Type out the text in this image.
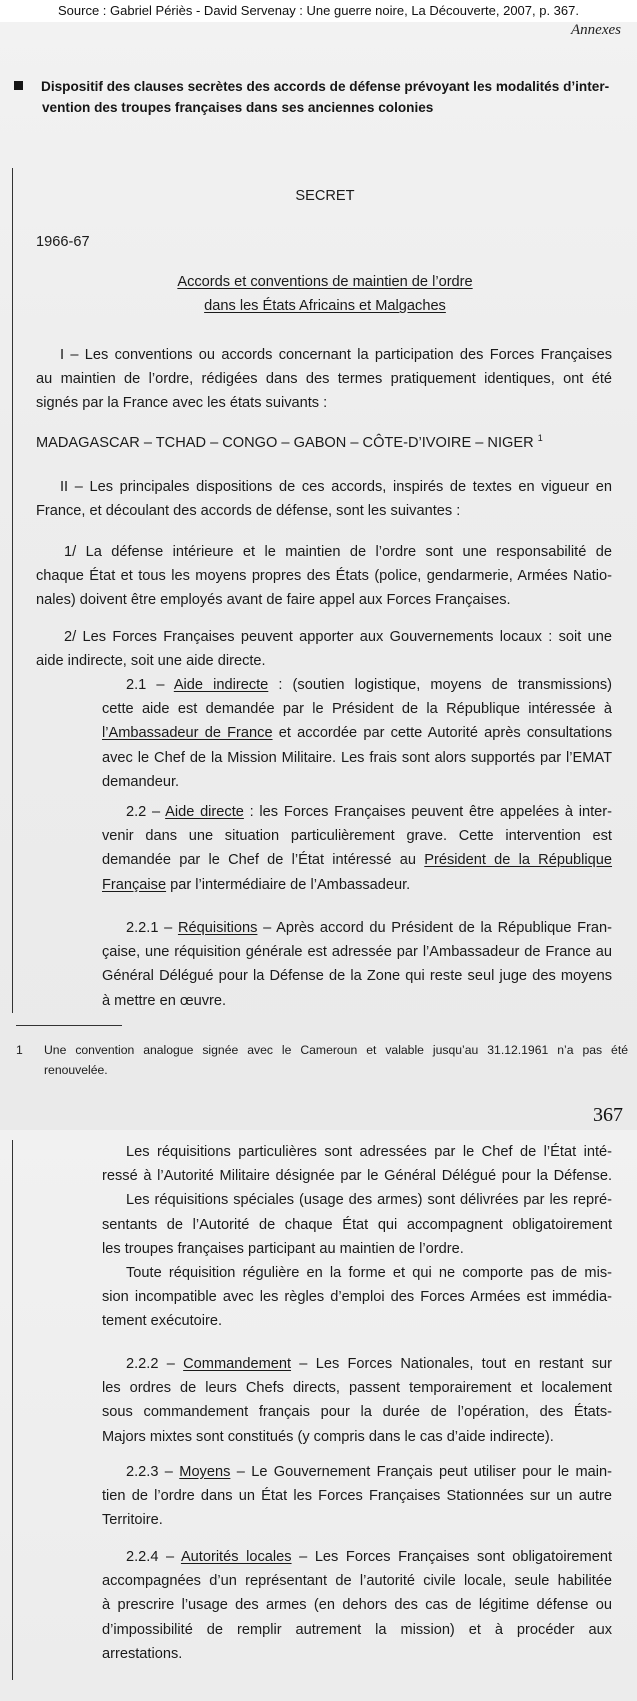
Source : Gabriel Périès - David Servenay : Une guerre noire, La Découverte, 2007, p. 367.
Annexes
Dispositif des clauses secrètes des accords de défense prévoyant les modalités d’inter-
vention des troupes françaises dans ses anciennes colonies
SECRET
1966-67
Accords et conventions de maintien de l’ordre
dans les États Africains et Malgaches
I – Les conventions ou accords concernant la participation des Forces Françaises
au maintien de l’ordre, rédigées dans des termes pratiquement identiques, ont été
signés par la France avec les états suivants :
MADAGASCAR – TCHAD – CONGO – GABON – CÔTE-D’IVOIRE – NIGER $^1$
II – Les principales dispositions de ces accords, inspirés de textes en vigueur en
France, et découlant des accords de défense, sont les suivantes :
1/ La défense intérieure et le maintien de l’ordre sont une responsabilité de
chaque État et tous les moyens propres des États (police, gendarmerie, Armées Natio-
nales) doivent être employés avant de faire appel aux Forces Françaises.
2/ Les Forces Françaises peuvent apporter aux Gouvernements locaux : soit une
aide indirecte, soit une aide directe.
2.1 – Aide indirecte : (soutien logistique, moyens de transmissions)
cette aide est demandée par le Président de la République intéressée à
l’Ambassadeur de France et accordée par cette Autorité après consultations
avec le Chef de la Mission Militaire. Les frais sont alors supportés par l’EMAT
demandeur.
2.2 – Aide directe : les Forces Françaises peuvent être appelées à inter-
venir dans une situation particulièrement grave. Cette intervention est
demandée par le Chef de l’État intéressé au Président de la République
Française par l’intermédiaire de l’Ambassadeur.
2.2.1 – Réquisitions – Après accord du Président de la République Fran-
çaise, une réquisition générale est adressée par l’Ambassadeur de France au
Général Délégué pour la Défense de la Zone qui reste seul juge des moyens
à mettre en œuvre.
1 Une convention analogue signée avec le Cameroun et valable jusqu’au 31.12.1961 n’a pas été
renouvelée.
367
Les réquisitions particulières sont adressées par le Chef de l’État inté-
ressé à l’Autorité Militaire désignée par le Général Délégué pour la Défense.
Les réquisitions spéciales (usage des armes) sont délivrées par les repré-
sentants de l’Autorité de chaque État qui accompagnent obligatoirement
les troupes françaises participant au maintien de l’ordre.
Toute réquisition régulière en la forme et qui ne comporte pas de mis-
sion incompatible avec les règles d’emploi des Forces Armées est immédia-
tement exécutoire.
2.2.2 – Commandement – Les Forces Nationales, tout en restant sur
les ordres de leurs Chefs directs, passent temporairement et localement
sous commandement français pour la durée de l’opération, des États-
Majors mixtes sont constitués (y compris dans le cas d’aide indirecte).
2.2.3 – Moyens – Le Gouvernement Français peut utiliser pour le main-
tien de l’ordre dans un État les Forces Françaises Stationnées sur un autre
Territoire.
2.2.4 – Autorités locales – Les Forces Françaises sont obligatoirement
accompagnées d’un représentant de l’autorité civile locale, seule habilitée
à prescrire l’usage des armes (en dehors des cas de légitime défense ou
d’impossibilité de remplir autrement la mission) et à procéder aux
arrestations.
